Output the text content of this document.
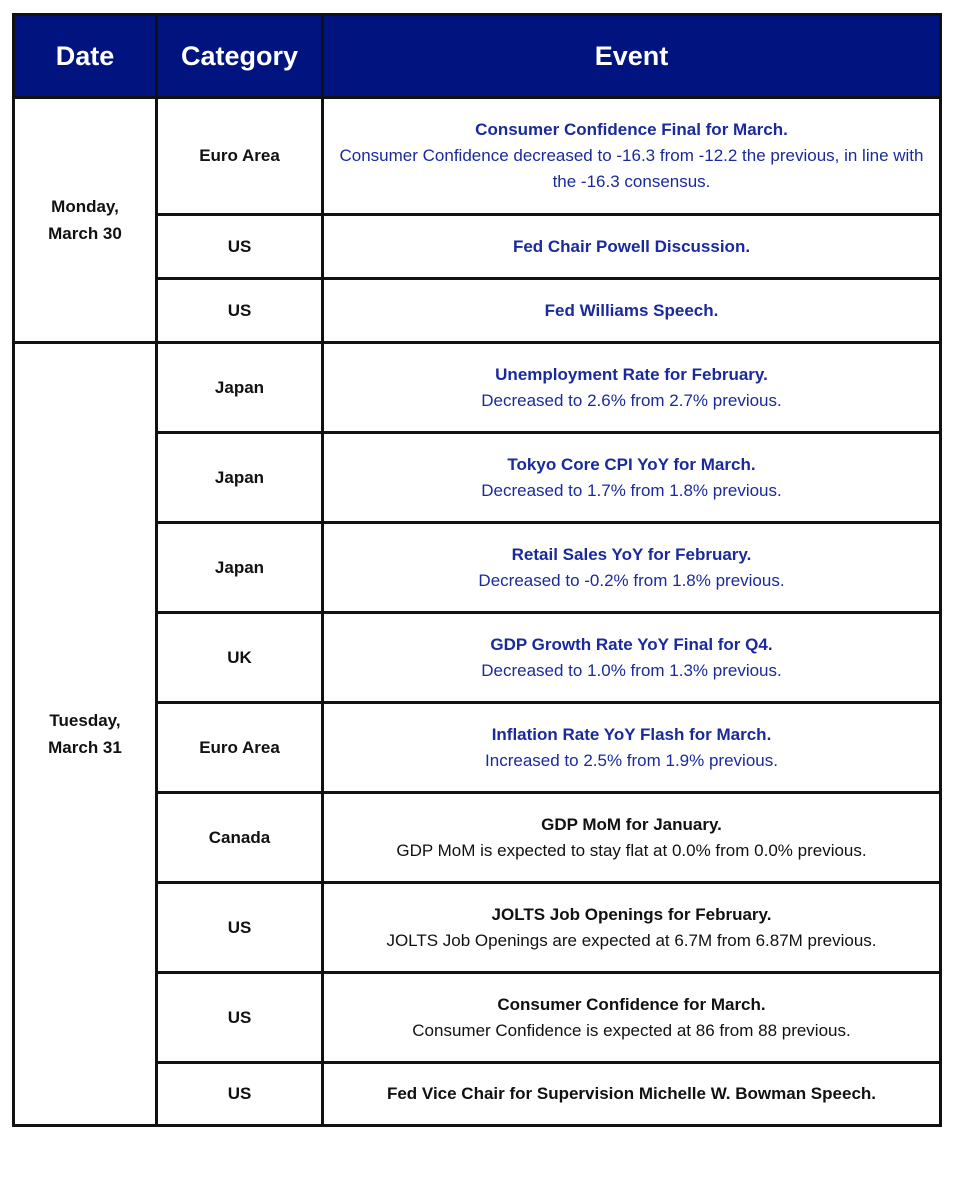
Date	Category	Event
Monday,
March 30	Euro Area	Consumer Confidence Final for March.
Consumer Confidence decreased to -16.3 from -12.2 the previous, in line with the -16.3 consensus.

	US	Fed Chair Powell Discussion.

	US	Fed Williams Speech.

Tuesday,
March 31	Japan	Unemployment Rate for February.
Decreased to 2.6% from 2.7% previous.

	Japan	Tokyo Core CPI YoY for March.
Decreased to 1.7% from 1.8% previous.

	Japan	Retail Sales YoY for February.
Decreased to -0.2% from 1.8% previous.

	UK	GDP Growth Rate YoY Final for Q4.
Decreased to 1.0% from 1.3% previous.

	Euro Area	Inflation Rate YoY Flash for March.
Increased to 2.5% from 1.9% previous.

	Canada	GDP MoM for January.
GDP MoM is expected to stay flat at 0.0% from 0.0% previous.

	US	JOLTS Job Openings for February.
JOLTS Job Openings are expected at 6.7M from 6.87M previous.

	US	Consumer Confidence for March.
Consumer Confidence is expected at 86 from 88 previous.

	US	Fed Vice Chair for Supervision Michelle W. Bowman Speech.
